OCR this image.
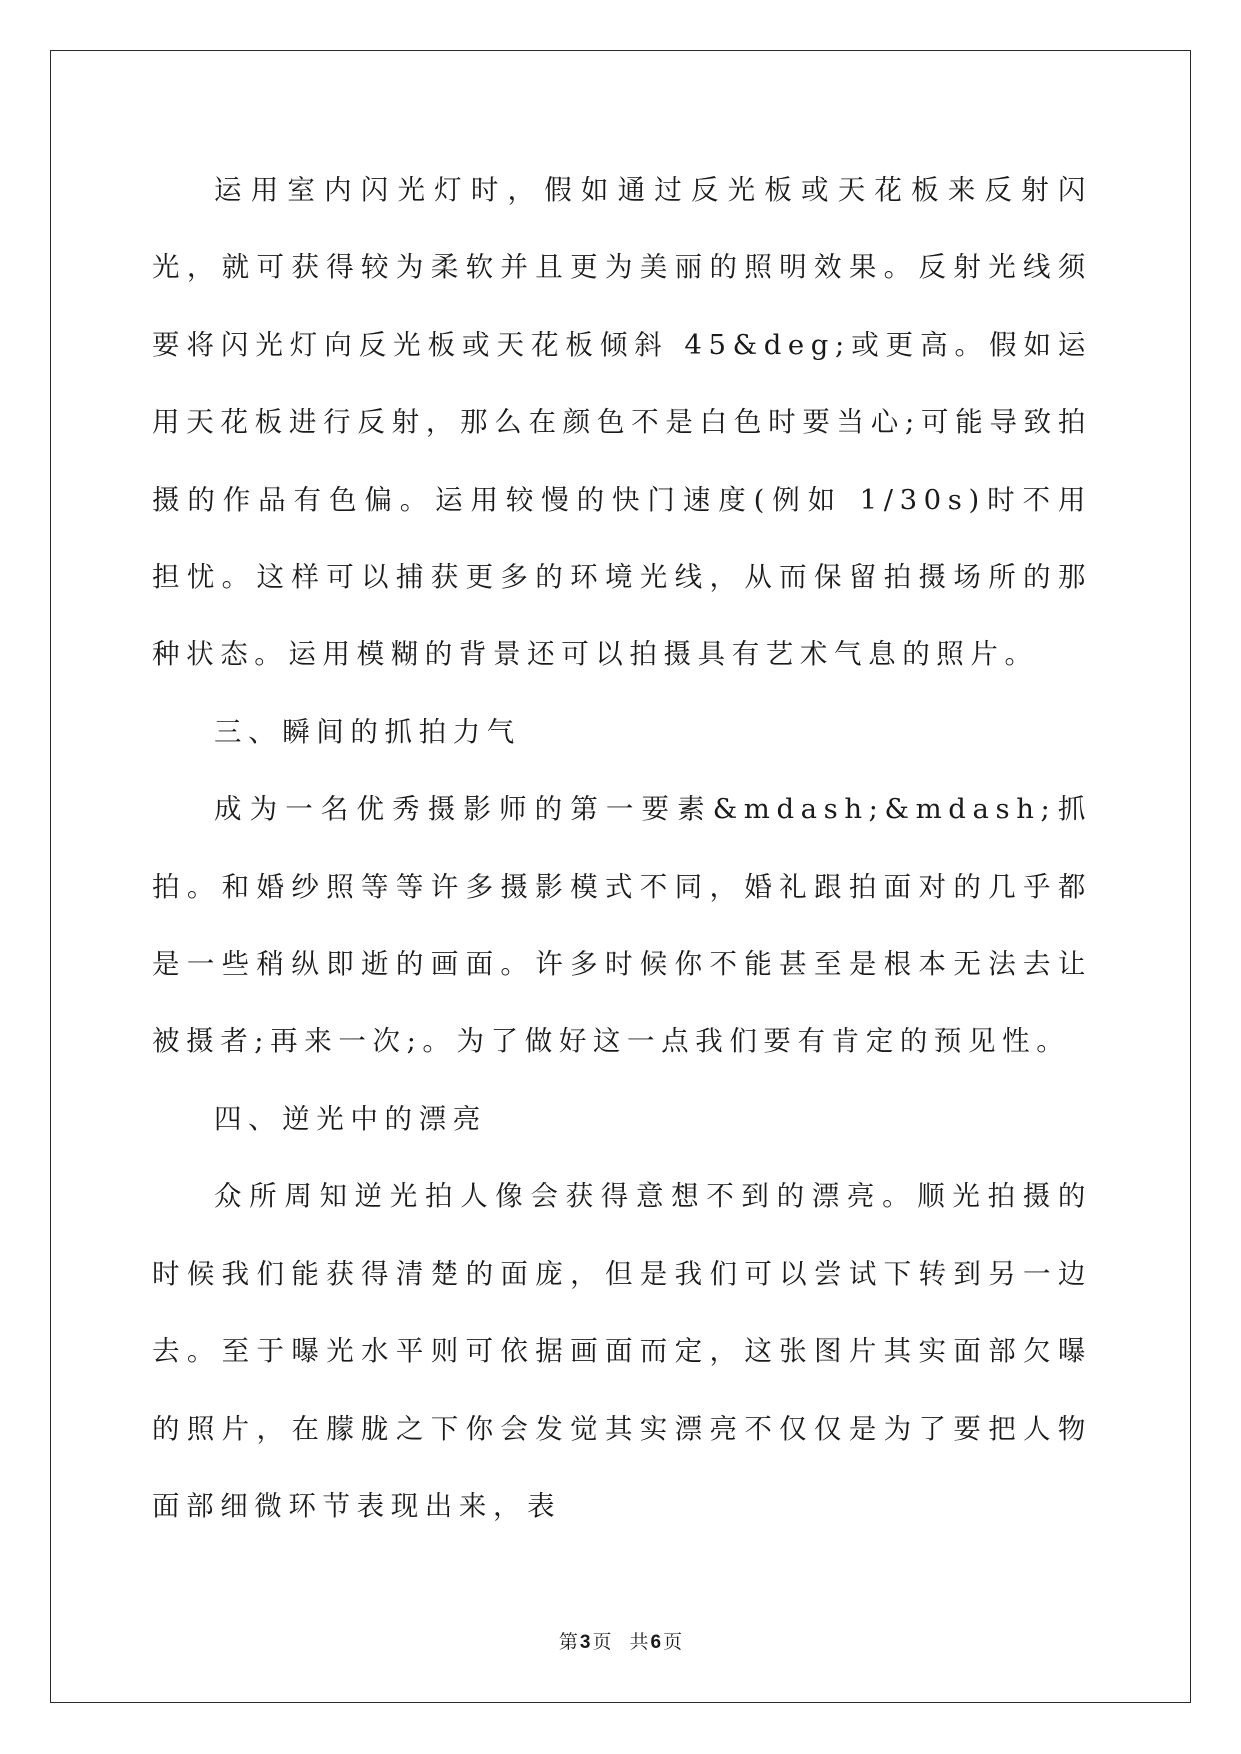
运用室内闪光灯时，假如通过反光板或天花板来反射闪光，就可获得较为柔软并且更为美丽的照明效果。反射光线须要将闪光灯向反光板或天花板倾斜 45&deg;或更高。假如运用天花板进行反射，那么在颜色不是白色时要当心;可能导致拍摄的作品有色偏。运用较慢的快门速度(例如 1/30s)时不用担忧。这样可以捕获更多的环境光线，从而保留拍摄场所的那种状态。运用模糊的背景还可以拍摄具有艺术气息的照片。

三、瞬间的抓拍力气

成为一名优秀摄影师的第一要素&mdash;&mdash;抓拍。和婚纱照等等许多摄影模式不同，婚礼跟拍面对的几乎都是一些稍纵即逝的画面。许多时候你不能甚至是根本无法去让被摄者;再来一次;。为了做好这一点我们要有肯定的预见性。

四、逆光中的漂亮

众所周知逆光拍人像会获得意想不到的漂亮。顺光拍摄的时候我们能获得清楚的面庞，但是我们可以尝试下转到另一边去。至于曝光水平则可依据画面而定，这张图片其实面部欠曝的照片，在朦胧之下你会发觉其实漂亮不仅仅是为了要把人物面部细微环节表现出来，表

第 3 页 共 6 页
